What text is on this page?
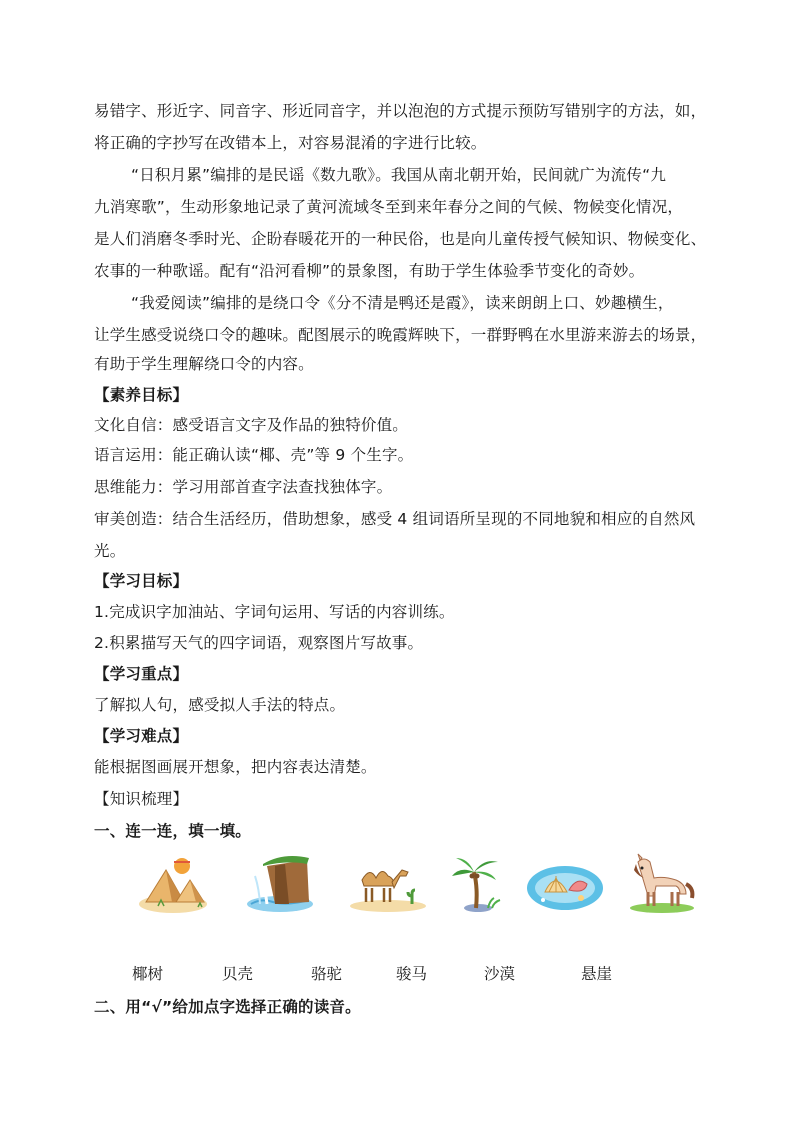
易错字、形近字、同音字、形近同音字，并以泡泡的方式提示预防写错别字的方法，如，
将正确的字抄写在改错本上，对容易混淆的字进行比较。
“日积月累”编排的是民谣《数九歌》。我国从南北朝开始，民间就广为流传“九
九消寒歌”，生动形象地记录了黄河流域冬至到来年春分之间的气候、物候变化情况，
是人们消磨冬季时光、企盼春暖花开的一种民俗，也是向儿童传授气候知识、物候变化、
农事的一种歌谣。配有“沿河看柳”的景象图，有助于学生体验季节变化的奇妙。
“我爱阅读”编排的是绕口令《分不清是鸭还是霞》，读来朗朗上口、妙趣横生，
让学生感受说绕口令的趣味。配图展示的晚霞辉映下，一群野鸭在水里游来游去的场景，
有助于学生理解绕口令的内容。
【素养目标】
文化自信：感受语言文字及作品的独特价值。
语言运用：能正确认读“椰、壳”等 9 个生字。
思维能力：学习用部首查字法查找独体字。
审美创造：结合生活经历，借助想象，感受 4 组词语所呈现的不同地貌和相应的自然风
光。
【学习目标】
1.完成识字加油站、字词句运用、写话的内容训练。
2.积累描写天气的四字词语，观察图片写故事。
【学习重点】
了解拟人句，感受拟人手法的特点。
【学习难点】
能根据图画展开想象，把内容表达清楚。
【知识梳理】
一、连一连，填一填。
椰树	贝壳	骆驼	骏马	沙漠	悬崖
二、用“√”给加点字选择正确的读音。
